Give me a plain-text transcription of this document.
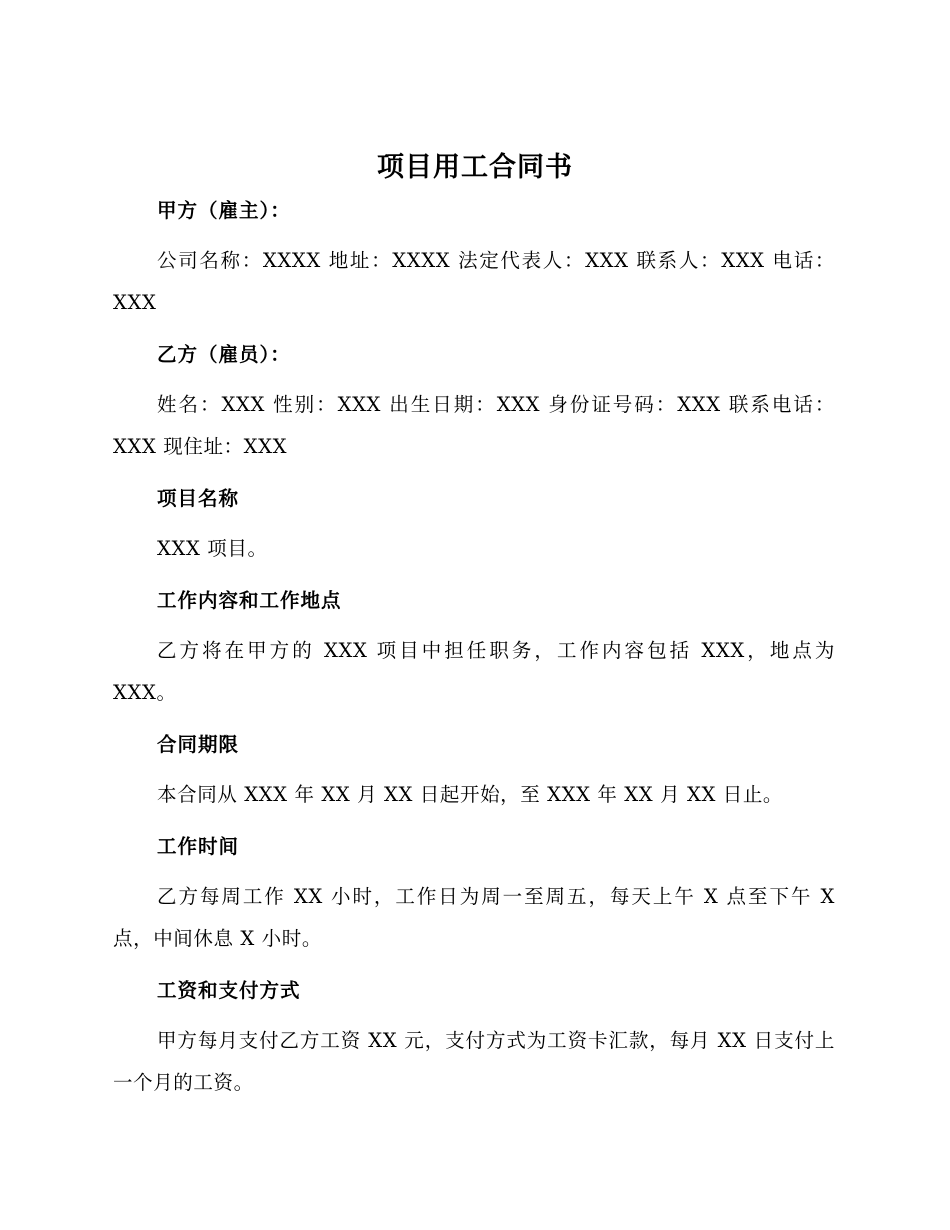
项目用工合同书
甲方（雇主）：

公司名称：XXXX 地址：XXXX 法定代表人：XXX 联系人：XXX 电话：XXX

乙方（雇员）：

姓名：XXX 性别：XXX 出生日期：XXX 身份证号码：XXX 联系电话：XXX 现住址：XXX

项目名称

XXX 项目。

工作内容和工作地点

乙方将在甲方的 XXX 项目中担任职务，工作内容包括 XXX，地点为 XXX。

合同期限

本合同从 XXX 年 XX 月 XX 日起开始，至 XXX 年 XX 月 XX 日止。

工作时间

乙方每周工作 XX 小时，工作日为周一至周五，每天上午 X 点至下午 X 点，中间休息 X 小时。

工资和支付方式

甲方每月支付乙方工资 XX 元，支付方式为工资卡汇款，每月 XX 日支付上一个月的工资。
